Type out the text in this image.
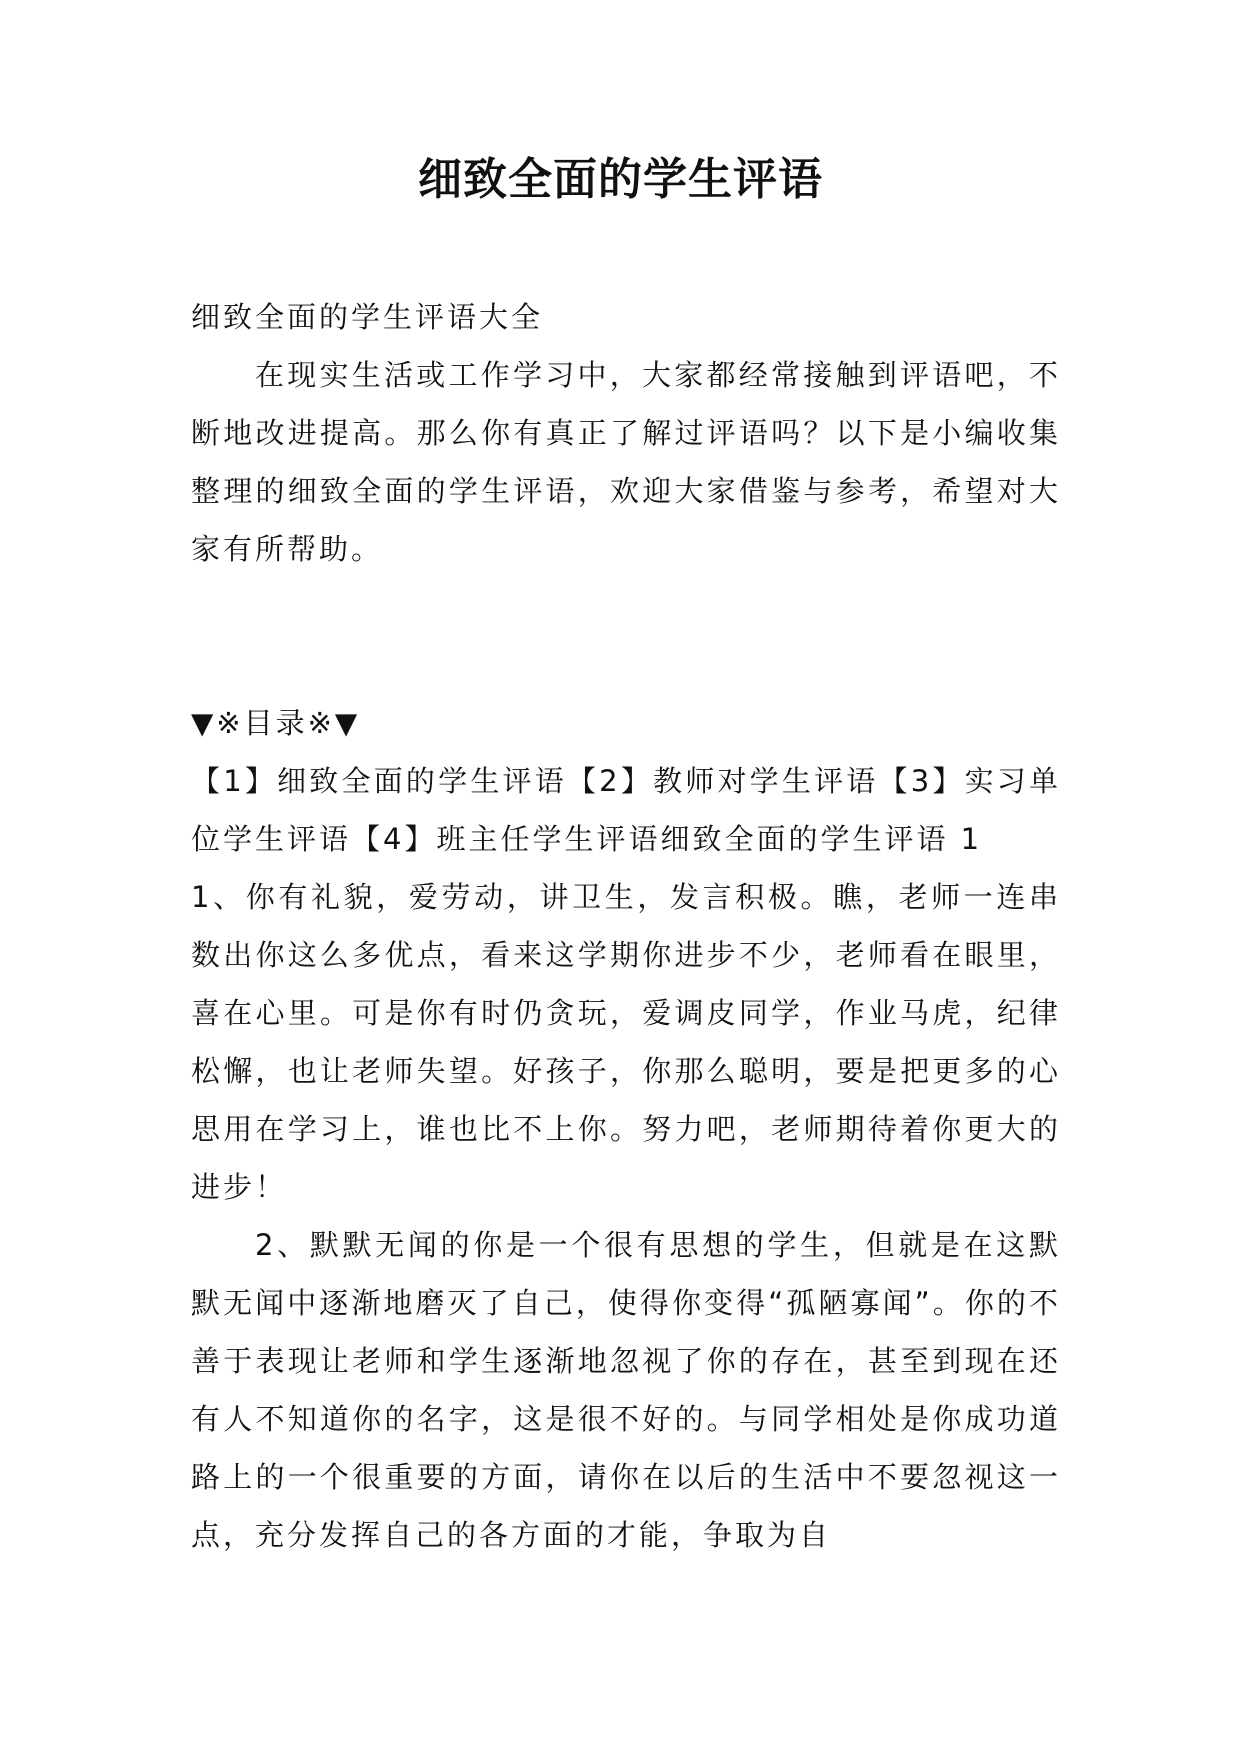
细致全面的学生评语

细致全面的学生评语大全

在现实生活或工作学习中，大家都经常接触到评语吧，不断地改进提高。那么你有真正了解过评语吗？以下是小编收集整理的细致全面的学生评语，欢迎大家借鉴与参考，希望对大家有所帮助。

▼※目录※▼

【1】细致全面的学生评语【2】教师对学生评语【3】实习单位学生评语【4】班主任学生评语细致全面的学生评语 1

1、你有礼貌，爱劳动，讲卫生，发言积极。瞧，老师一连串数出你这么多优点，看来这学期你进步不少，老师看在眼里，喜在心里。可是你有时仍贪玩，爱调皮同学，作业马虎，纪律松懈，也让老师失望。好孩子，你那么聪明，要是把更多的心思用在学习上，谁也比不上你。努力吧，老师期待着你更大的进步！

2、默默无闻的你是一个很有思想的学生，但就是在这默默无闻中逐渐地磨灭了自己，使得你变得“孤陋寡闻”。你的不善于表现让老师和学生逐渐地忽视了你的存在，甚至到现在还有人不知道你的名字，这是很不好的。与同学相处是你成功道路上的一个很重要的方面，请你在以后的生活中不要忽视这一点，充分发挥自己的各方面的才能，争取为自
